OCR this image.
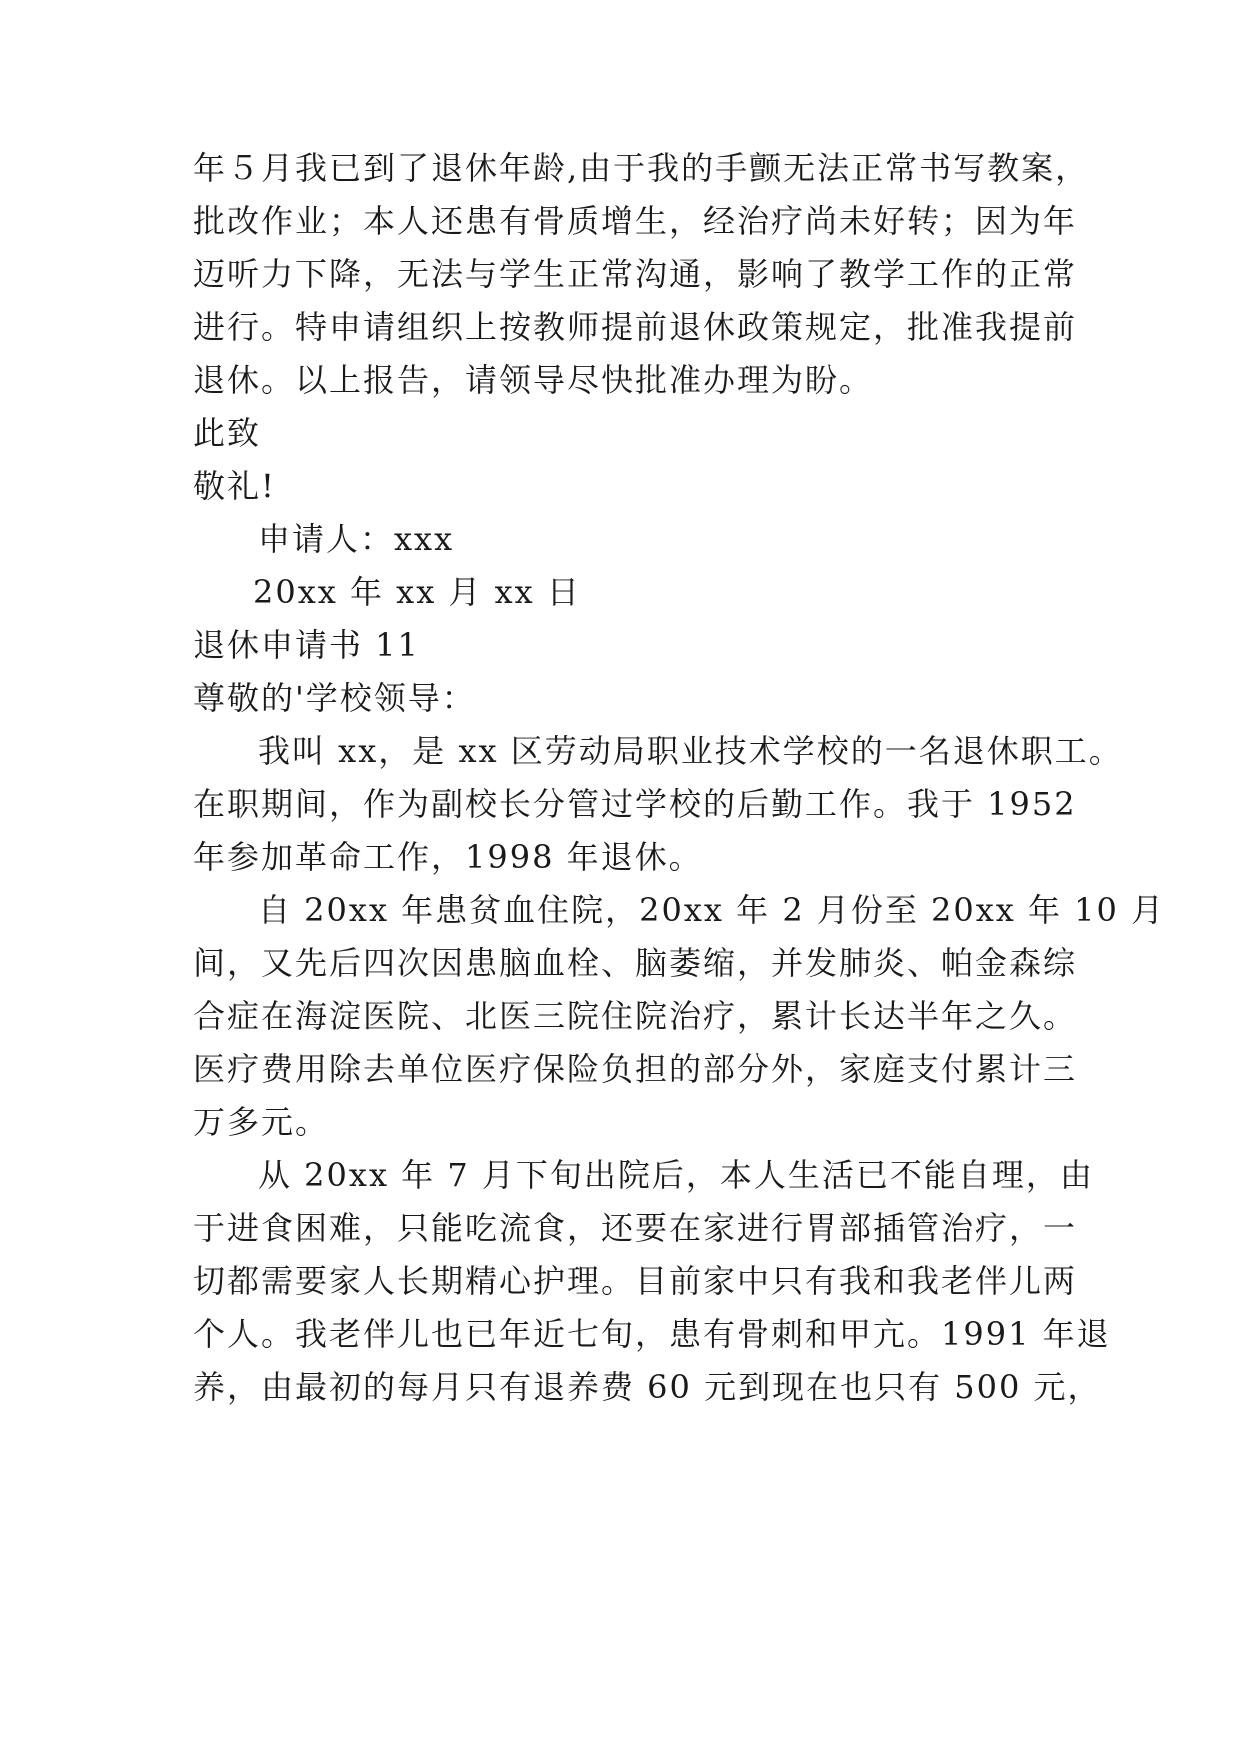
年５月我已到了退休年龄,由于我的手颤无法正常书写教案，
批改作业；本人还患有骨质增生，经治疗尚未好转；因为年
迈听力下降，无法与学生正常沟通，影响了教学工作的正常
进行。特申请组织上按教师提前退休政策规定，批准我提前
退休。以上报告，请领导尽快批准办理为盼。
此致
敬礼!
申请人：xxx
20xx 年 xx 月 xx 日
退休申请书 11
尊敬的'学校领导：
我叫 xx，是 xx 区劳动局职业技术学校的一名退休职工。
在职期间，作为副校长分管过学校的后勤工作。我于 1952
年参加革命工作，1998 年退休。
自 20xx 年患贫血住院，20xx 年 2 月份至 20xx 年 10 月
间，又先后四次因患脑血栓、脑萎缩，并发肺炎、帕金森综
合症在海淀医院、北医三院住院治疗，累计长达半年之久。
医疗费用除去单位医疗保险负担的部分外，家庭支付累计三
万多元。
从 20xx 年 7 月下旬出院后，本人生活已不能自理，由
于进食困难，只能吃流食，还要在家进行胃部插管治疗，一
切都需要家人长期精心护理。目前家中只有我和我老伴儿两
个人。我老伴儿也已年近七旬，患有骨刺和甲亢。1991 年退
养，由最初的每月只有退养费 60 元到现在也只有 500 元，
